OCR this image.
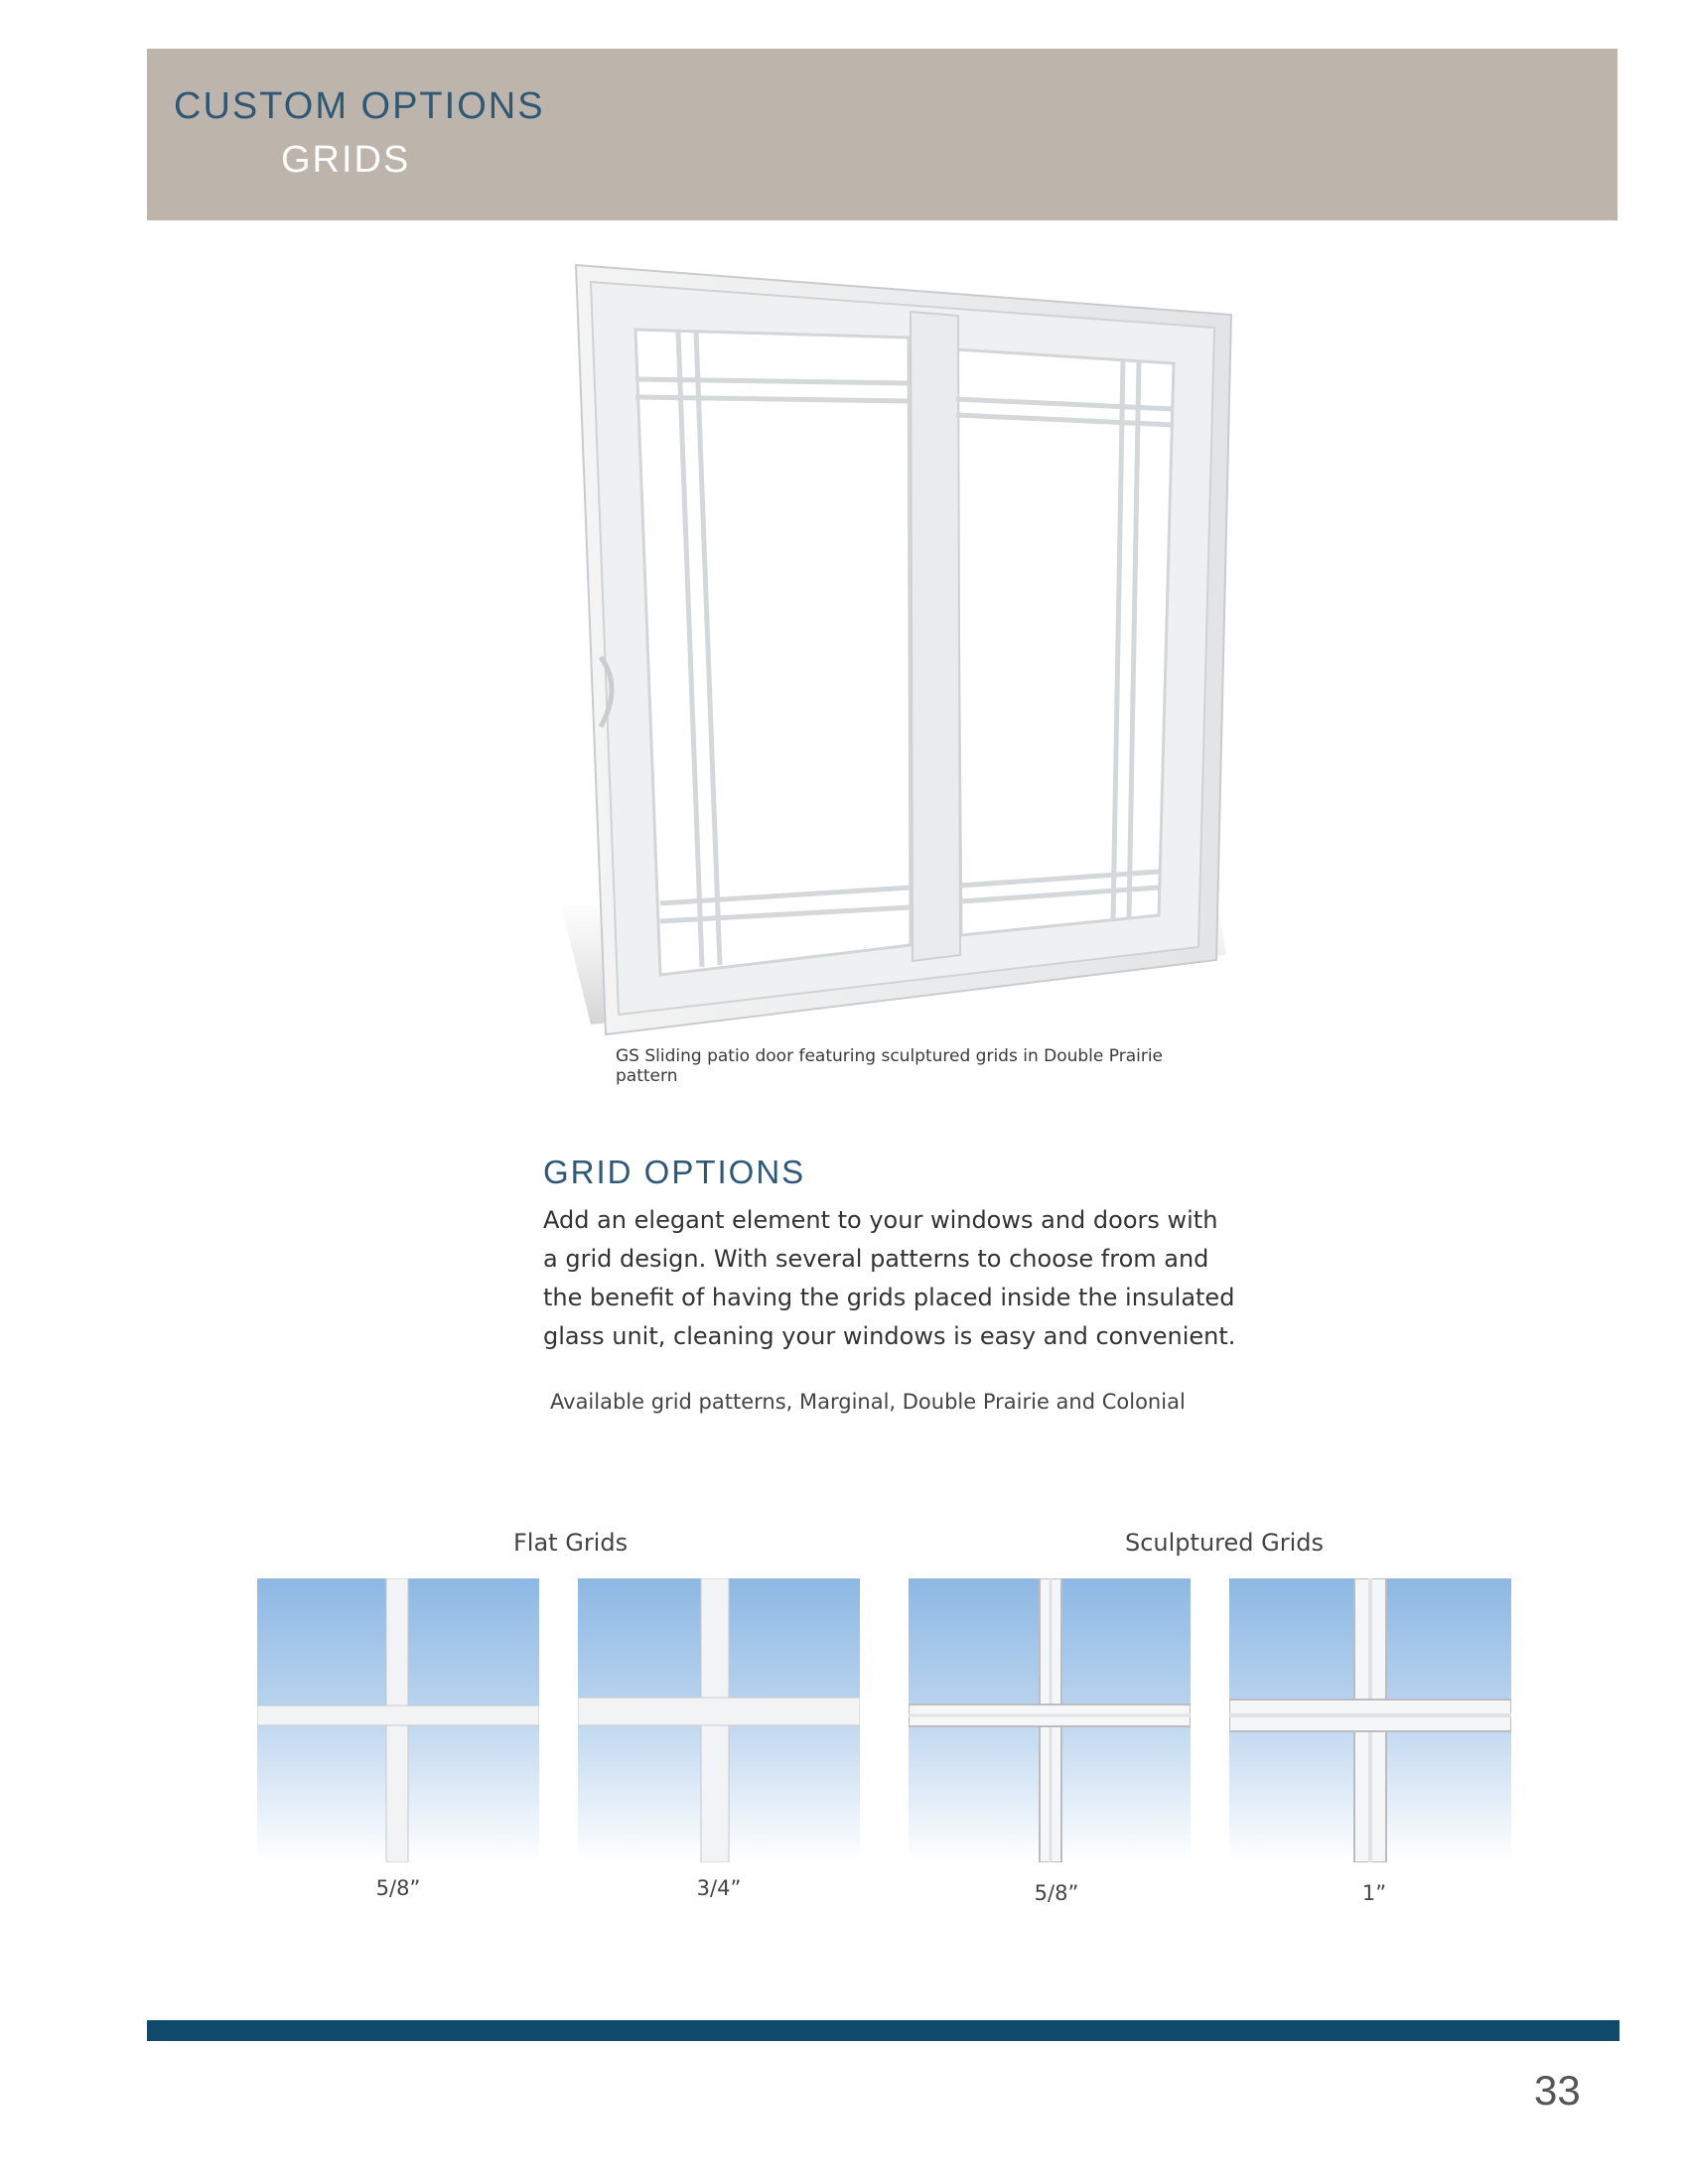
CUSTOM OPTIONS
GRIDS
GS Sliding patio door featuring sculptured grids in Double Prairie pattern
GRID OPTIONS
Add an elegant element to your windows and doors with a grid design. With several patterns to choose from and the benefit of having the grids placed inside the insulated glass unit, cleaning your windows is easy and convenient.
Available grid patterns, Marginal, Double Prairie and Colonial
Flat Grids	Sculptured Grids
5/8”	3/4”	5/8”	1”
33
